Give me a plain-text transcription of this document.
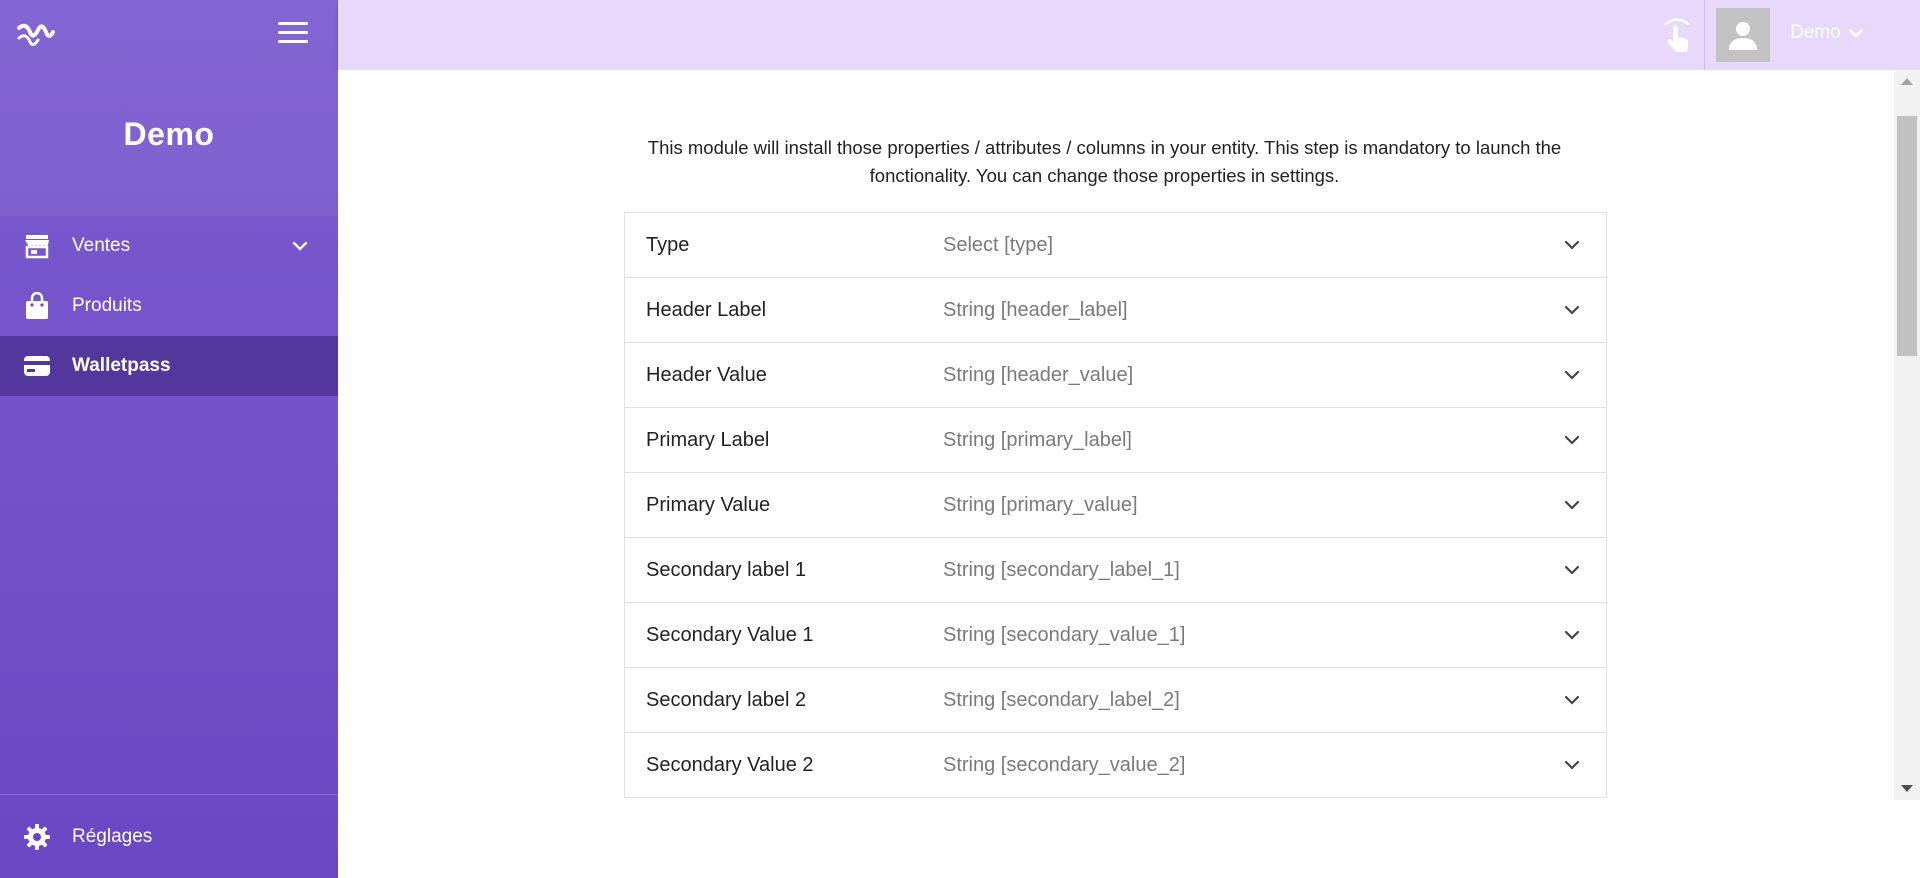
Demo
Ventes
Produits
Walletpass
Réglages
Demo

This module will install those properties / attributes / columns in your entity. This step is mandatory to launch the fonctionality. You can change those properties in settings.

Type	Select [type]
Header Label	String [header_label]
Header Value	String [header_value]
Primary Label	String [primary_label]
Primary Value	String [primary_value]
Secondary label 1	String [secondary_label_1]
Secondary Value 1	String [secondary_value_1]
Secondary label 2	String [secondary_label_2]
Secondary Value 2	String [secondary_value_2]
